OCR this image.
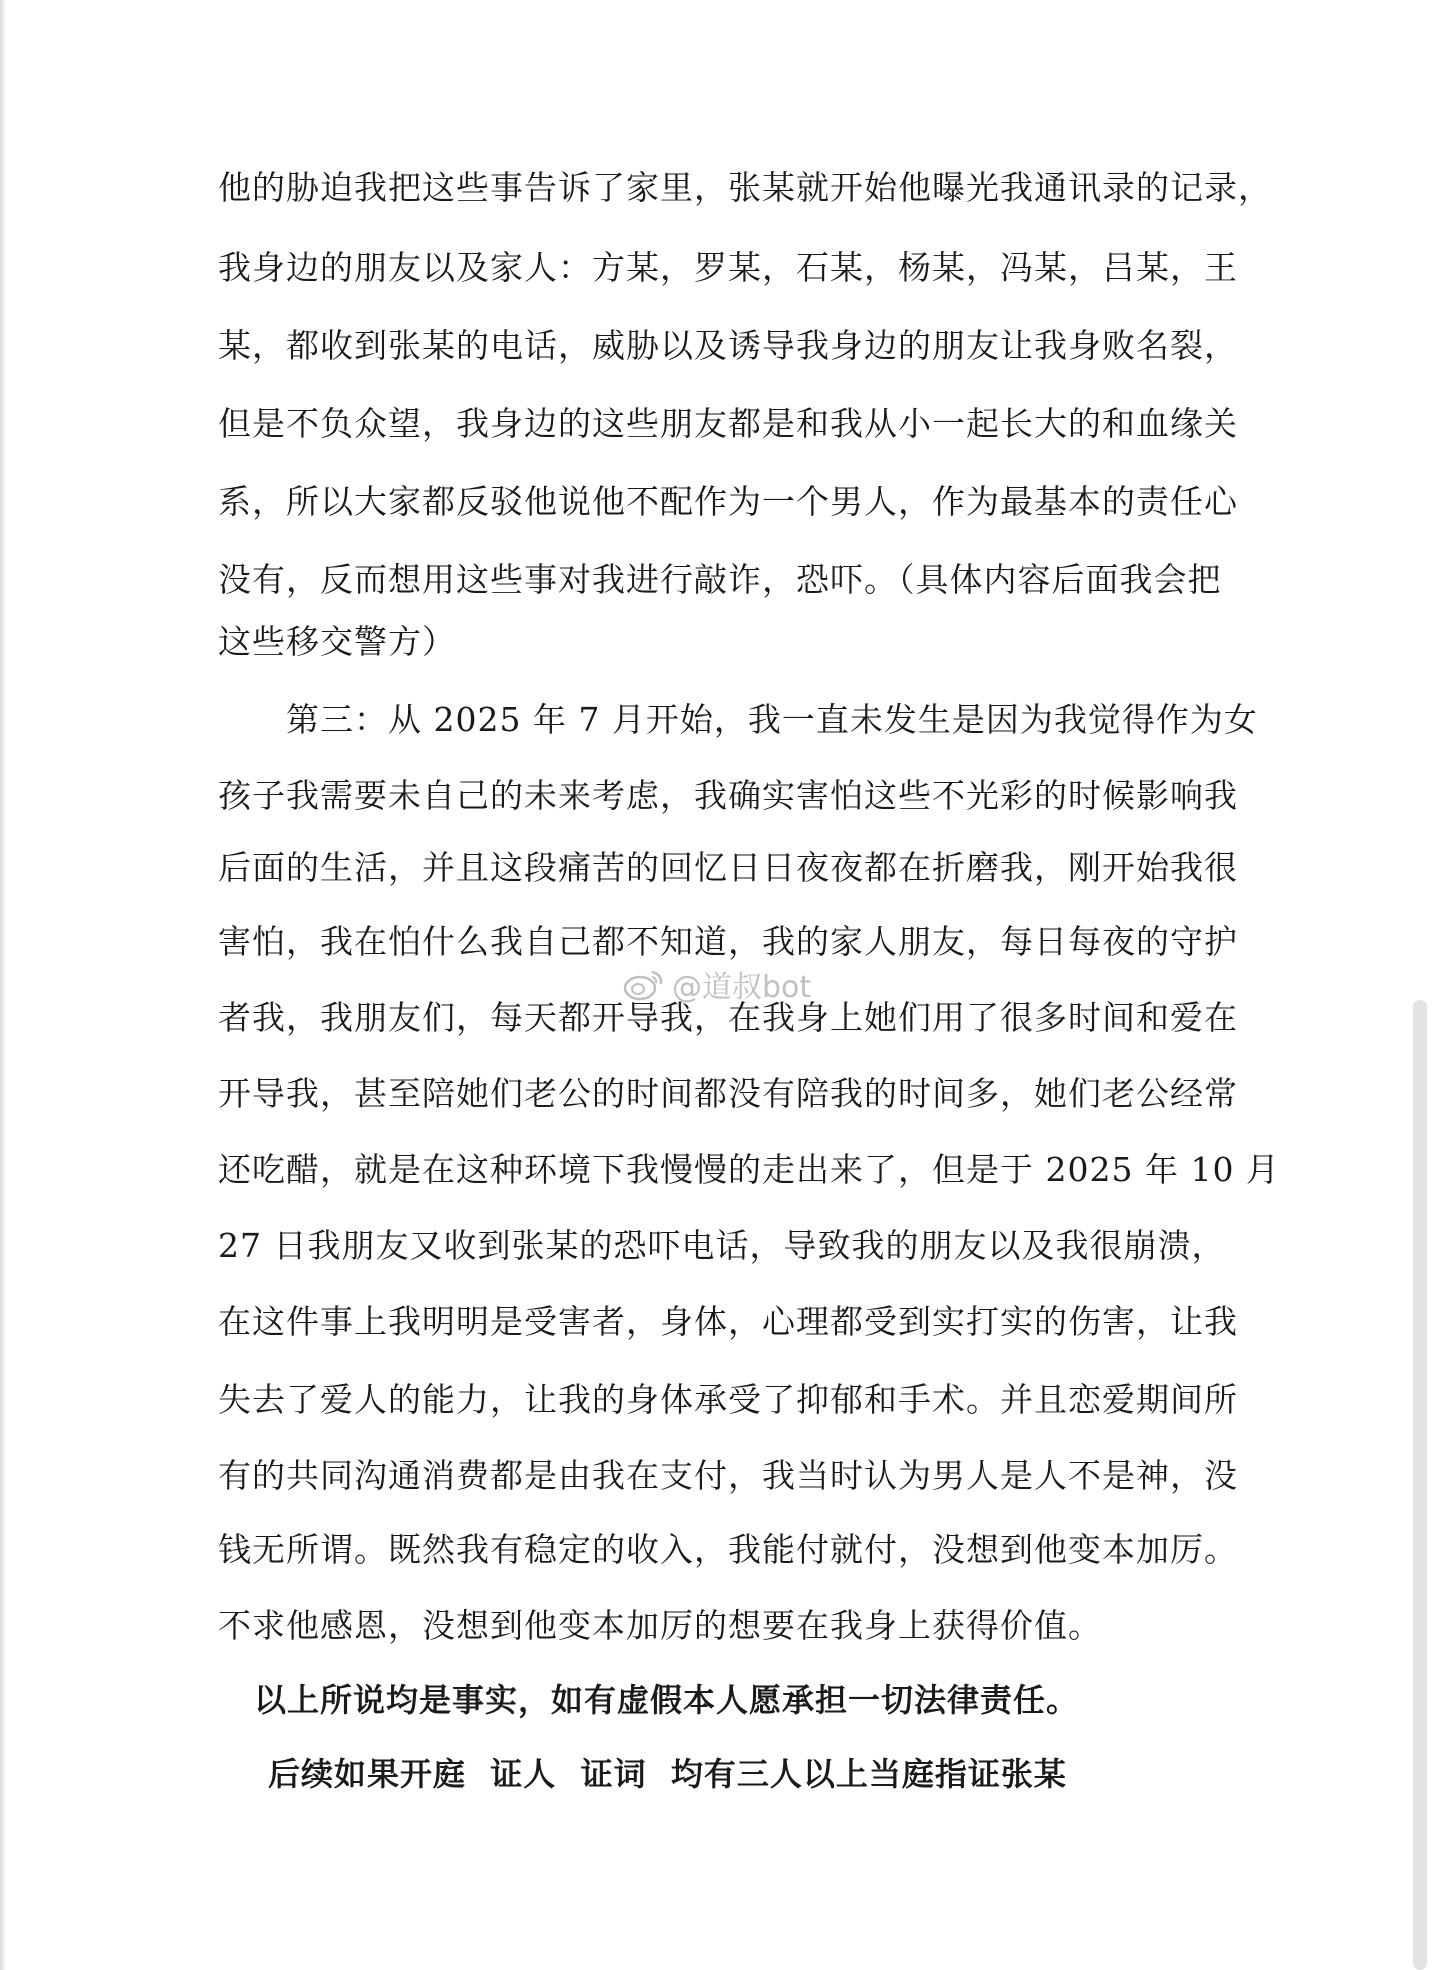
他的胁迫我把这些事告诉了家里，张某就开始他曝光我通讯录的记录，
我身边的朋友以及家人：方某，罗某，石某，杨某，冯某，吕某，王
某，都收到张某的电话，威胁以及诱导我身边的朋友让我身败名裂，
但是不负众望，我身边的这些朋友都是和我从小一起长大的和血缘关
系，所以大家都反驳他说他不配作为一个男人，作为最基本的责任心
没有，反而想用这些事对我进行敲诈，恐吓。（具体内容后面我会把
这些移交警方）
　　第三：从 2025 年 7 月开始，我一直未发生是因为我觉得作为女
孩子我需要未自己的未来考虑，我确实害怕这些不光彩的时候影响我
后面的生活，并且这段痛苦的回忆日日夜夜都在折磨我，刚开始我很
害怕，我在怕什么我自己都不知道，我的家人朋友，每日每夜的守护
者我，我朋友们，每天都开导我，在我身上她们用了很多时间和爱在
开导我，甚至陪她们老公的时间都没有陪我的时间多，她们老公经常
还吃醋，就是在这种环境下我慢慢的走出来了，但是于 2025 年 10 月
27 日我朋友又收到张某的恐吓电话，导致我的朋友以及我很崩溃，
在这件事上我明明是受害者，身体，心理都受到实打实的伤害，让我
失去了爱人的能力，让我的身体承受了抑郁和手术。并且恋爱期间所
有的共同沟通消费都是由我在支付，我当时认为男人是人不是神，没
钱无所谓。既然我有稳定的收入，我能付就付，没想到他变本加厉。
不求他感恩，没想到他变本加厉的想要在我身上获得价值。
以上所说均是事实，如有虚假本人愿承担一切法律责任。
后续如果开庭  证人  证词  均有三人以上当庭指证张某
@道叔bot
